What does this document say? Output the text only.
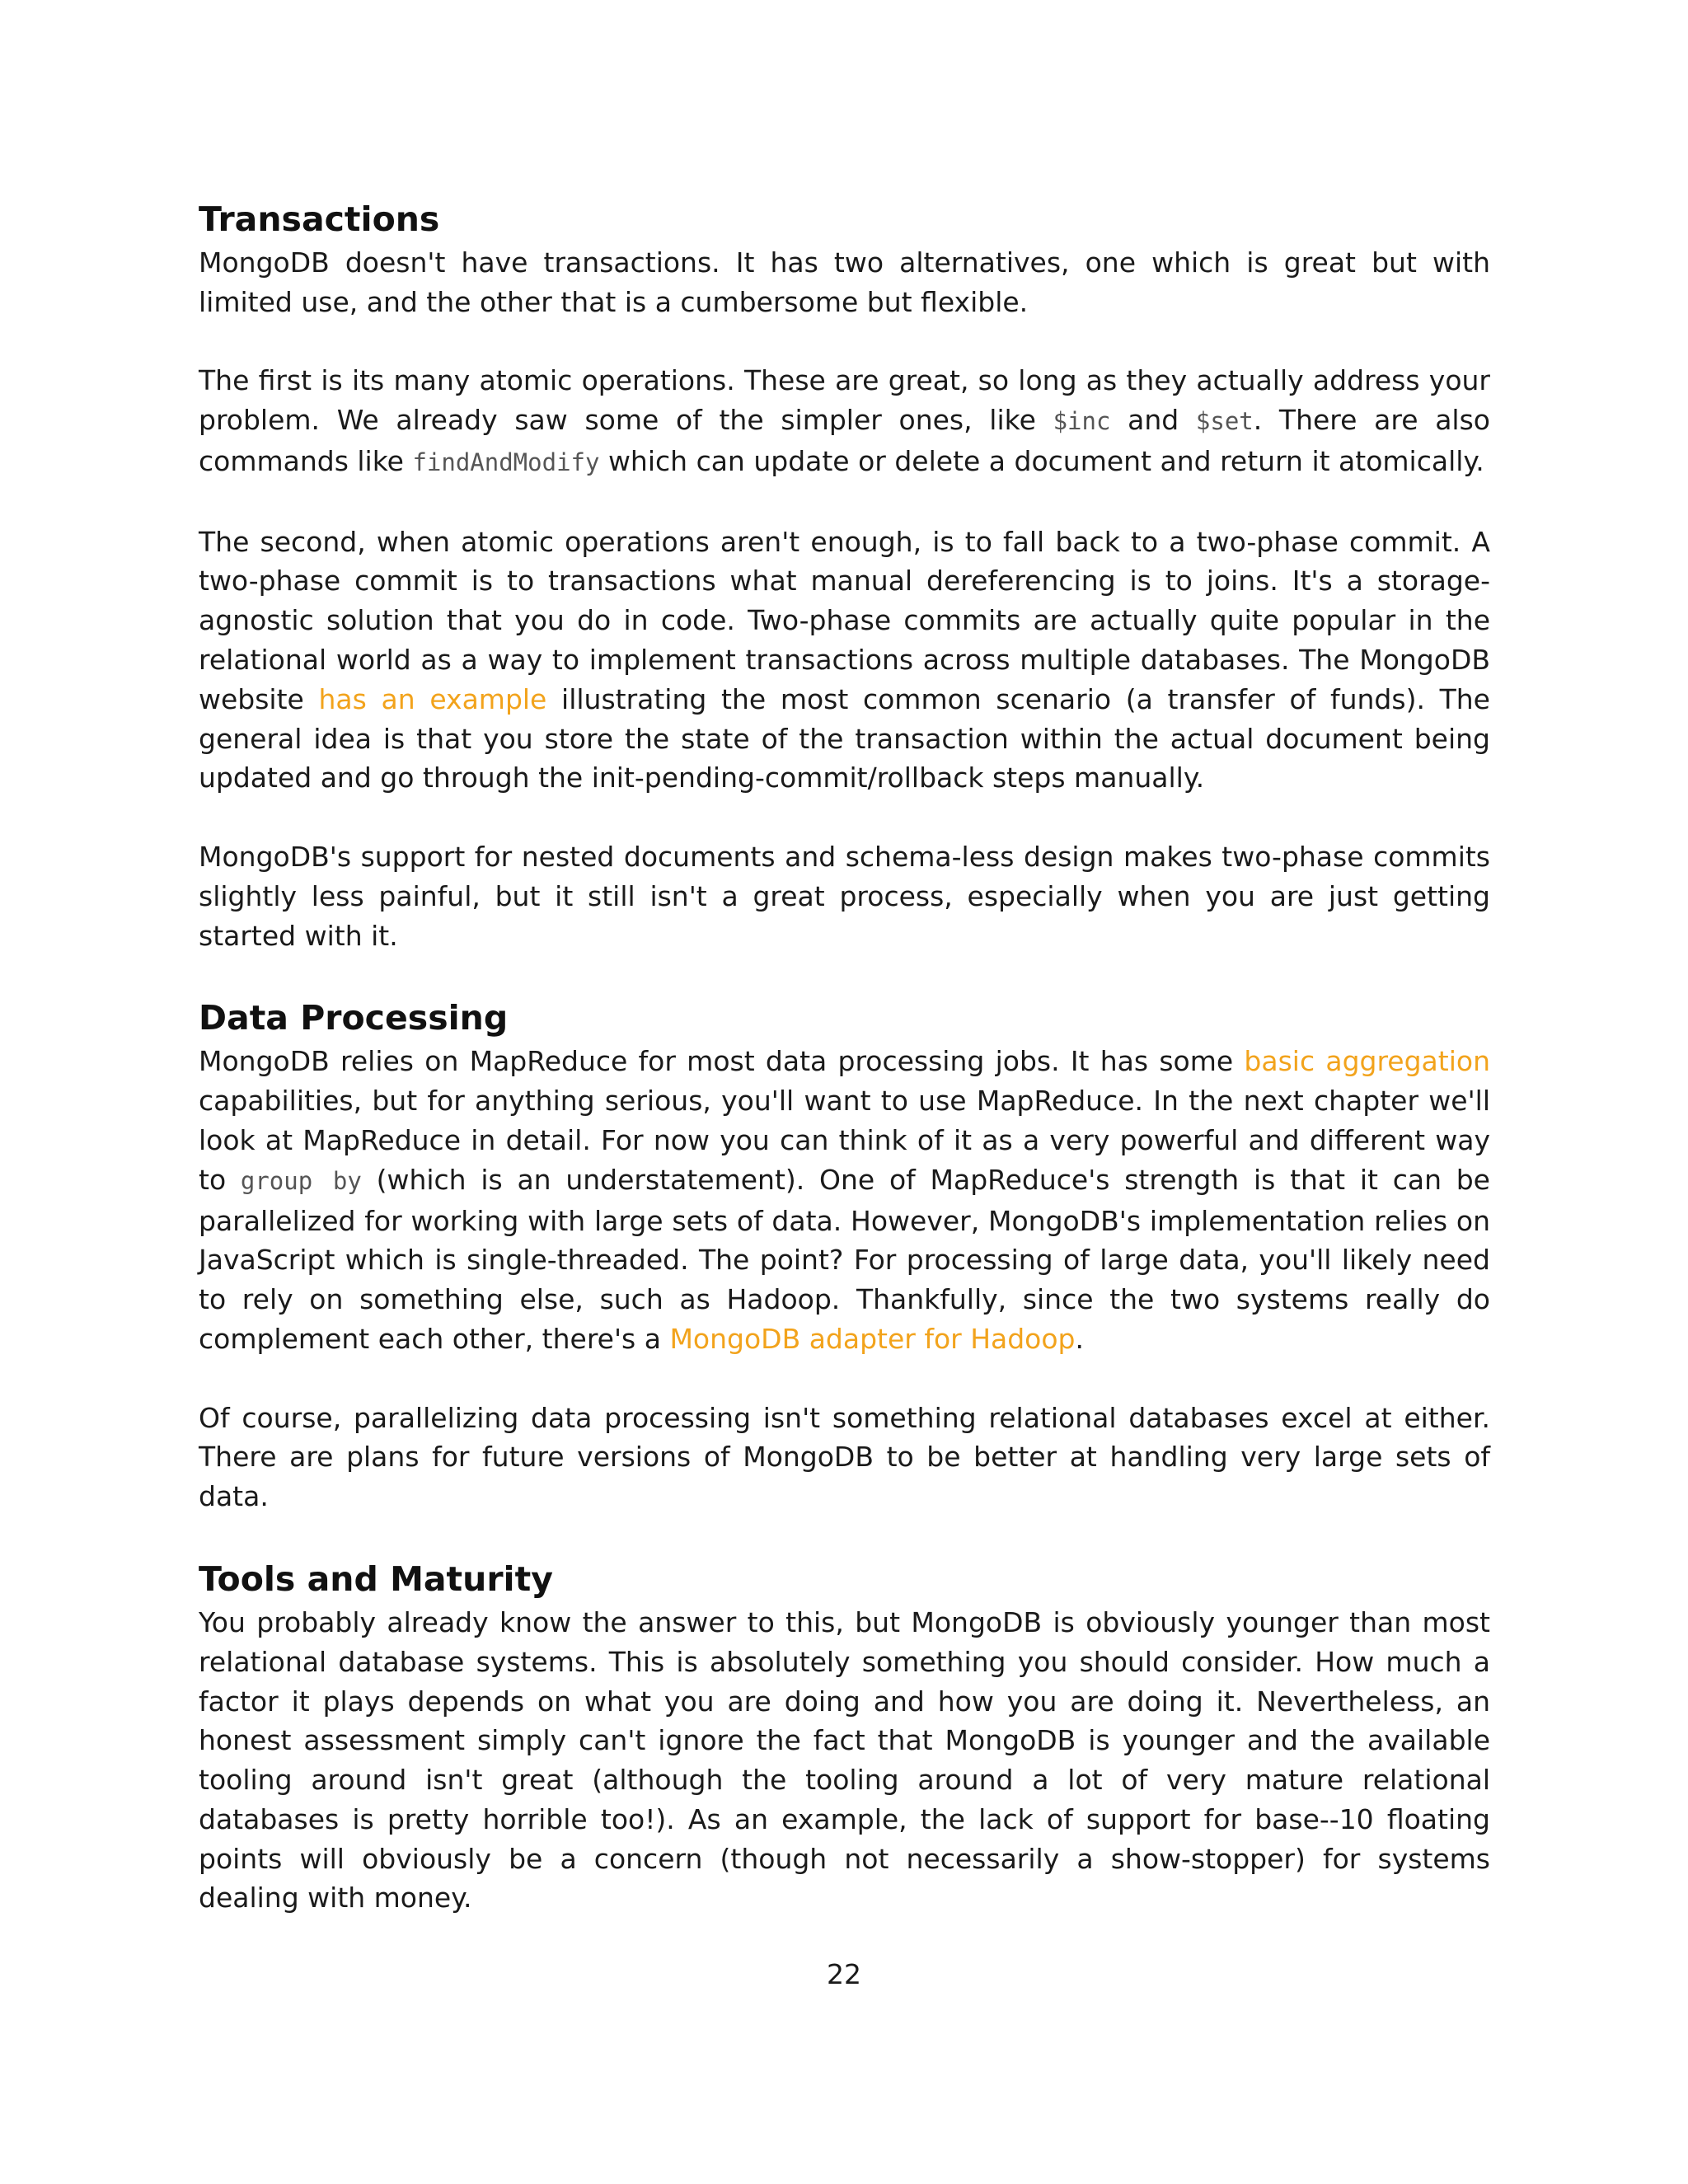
Transactions

MongoDB doesn't have transactions. It has two alternatives, one which is great but with limited use, and the other that is a cumbersome but flexible.

The first is its many atomic operations. These are great, so long as they actually address your problem. We already saw some of the simpler ones, like $inc and $set. There are also commands like findAndModify which can update or delete a document and return it atomically.

The second, when atomic operations aren't enough, is to fall back to a two-phase commit. A two-phase commit is to transactions what manual dereferencing is to joins. It's a storage-agnostic solution that you do in code. Two-phase commits are actually quite popular in the relational world as a way to implement transactions across multiple databases. The MongoDB website has an example illustrating the most common scenario (a transfer of funds). The general idea is that you store the state of the transaction within the actual document being updated and go through the init-pending-commit/rollback steps manually.

MongoDB's support for nested documents and schema-less design makes two-phase commits slightly less painful, but it still isn't a great process, especially when you are just getting started with it.

Data Processing

MongoDB relies on MapReduce for most data processing jobs. It has some basic aggregation capabilities, but for anything serious, you'll want to use MapReduce. In the next chapter we'll look at MapReduce in detail. For now you can think of it as a very powerful and different way to group by (which is an understatement). One of MapReduce's strength is that it can be parallelized for working with large sets of data. However, MongoDB's implementation relies on JavaScript which is single-threaded. The point? For processing of large data, you'll likely need to rely on something else, such as Hadoop. Thankfully, since the two systems really do complement each other, there's a MongoDB adapter for Hadoop.

Of course, parallelizing data processing isn't something relational databases excel at either. There are plans for future versions of MongoDB to be better at handling very large sets of data.

Tools and Maturity

You probably already know the answer to this, but MongoDB is obviously younger than most relational database systems. This is absolutely something you should consider. How much a factor it plays depends on what you are doing and how you are doing it. Nevertheless, an honest assessment simply can't ignore the fact that MongoDB is younger and the available tooling around isn't great (although the tooling around a lot of very mature relational databases is pretty horrible too!). As an example, the lack of support for base--10 floating points will obviously be a concern (though not necessarily a show-stopper) for systems dealing with money.

22
